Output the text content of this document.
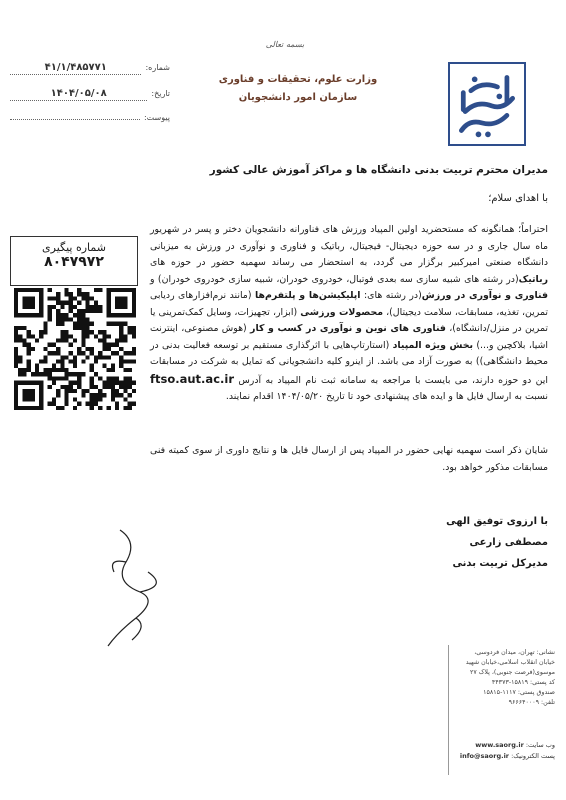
بسمه تعالی
وزارت علوم، تحقیقات و فناوری
سازمان امور دانشجویان
شماره:
۴۱/۱/۴۸۵۷۷۱
تاریخ:
۱۴۰۴/۰۵/۰۸
پیوست:
مدیران محترم تربیت بدنی دانشگاه ها و مراکز آموزش عالی کشور
با اهدای سلام؛
احتراماً؛ همانگونه که مستحضرید اولین المپیاد ورزش های فناورانه دانشجویان دختر و پسر در شهریور ماه سال جاری و در سه حوزه دیجیتال- فیجیتال، رباتیک و فناوری و نوآوری در ورزش به میزبانی دانشگاه صنعتی امیرکبیر برگزار می گردد، به استحضار می رساند سهمیه حضور در حوزه های رباتیک(در رشته های شبیه سازی سه بعدی فوتبال، خودروی خودران، شبیه سازی خودروی خودران) و فناوری و نوآوری در ورزش(در رشته های: اپلیکیشن‌ها و پلتفرم‌ها (مانند نرم‌افزارهای ردیابی تمرین، تغذیه، مسابقات، سلامت دیجیتال)، محصولات ورزشی (ابزار، تجهیزات، وسایل کمک‌تمرینی یا تمرین در منزل/دانشگاه)، فناوری های نوین و نوآوری در کسب و کار (هوش مصنوعی، اینترنت اشیا، بلاکچین و...) بخش ویژه المپیاد (استارتاپ‌هایی با اثرگذاری مستقیم بر توسعه فعالیت بدنی در محیط دانشگاهی)) به صورت آزاد می باشد. از اینرو کلیه دانشجویانی که تمایل به شرکت در مسابقات این دو حوزه دارند، می بایست با مراجعه به سامانه ثبت نام المپیاد به آدرس ftso.aut.ac.ir نسبت به ارسال فایل ها و ایده های پیشنهادی خود تا تاریخ ۱۴۰۴/۰۵/۲۰ اقدام نمایند.
شایان ذکر است سهمیه نهایی حضور در المپیاد پس از ارسال فایل ها و نتایج داوری از سوی کمیته فنی مسابقات مذکور خواهد بود.
شماره پیگیری
۸۰۴۷۹۷۲
با ارزوی توفیق الهی
مصطفی زارعی
مدیرکل تربیت بدنی
نشانی: تهران، میدان فردوسی،
خیابان انقلاب اسلامی،خیابان شهید
موسوی(فرصت جنوبی)، پلاک ۲۷
کد پستی: ۱۵۸۱۹-۴۴۳۷۳
صندوق پستی: ۱۱۱۷-۱۵۸۱۵
تلفن: ۹۶۶۶۴۰۰۰۹
وب سایت: www.saorg.ir
پست الکترونیک: info@saorg.ir
